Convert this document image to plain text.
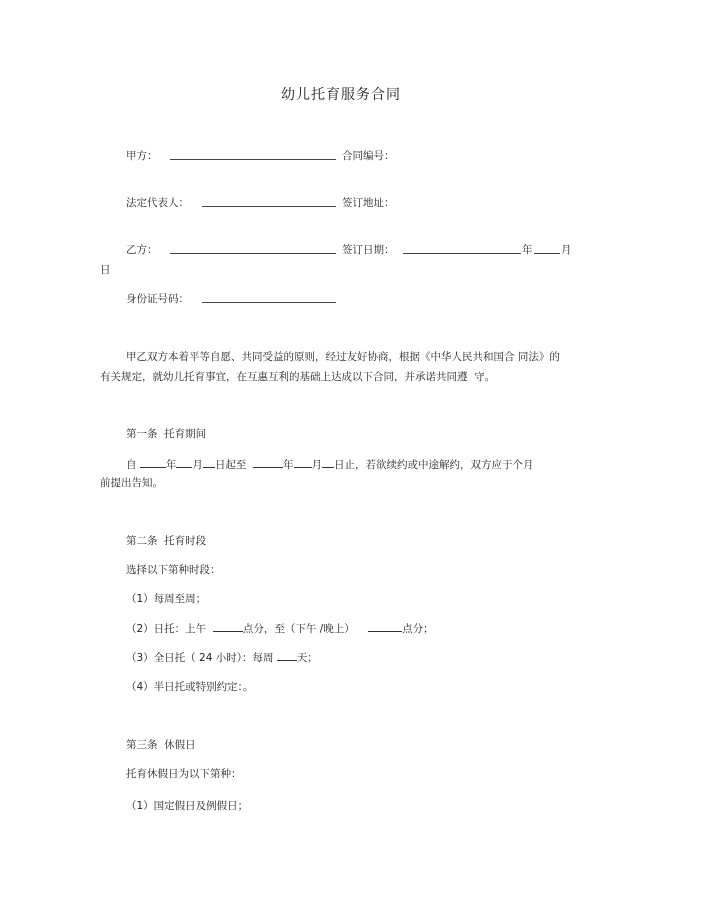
幼儿托育服务合同
甲方：	合同编号：
法定代表人：	签订地址：
乙方：	签订日期：	年	月
日
身份证号码：
甲乙双方本着平等自愿、共同受益的原则，经过友好协商，根据《中华人民共和国合 同法》的
有关规定，就幼儿托育事宜，在互惠互利的基础上达成以下合同，并承诺共同遵  守。
第一条  托育期间
自	年 月 日起至	年 月 日止，若欲续约或中途解约，双方应于个月
前提出告知。
第二条  托育时段
选择以下第种时段：
（1）每周至周；
（2）日托：上午	点分，至（下午 /晚上）	点分；
（3）全日托（ 24 小时）：每周 天；
（4）半日托或特别约定：。
第三条  休假日
托育休假日为以下第种：
（1）国定假日及例假日；
